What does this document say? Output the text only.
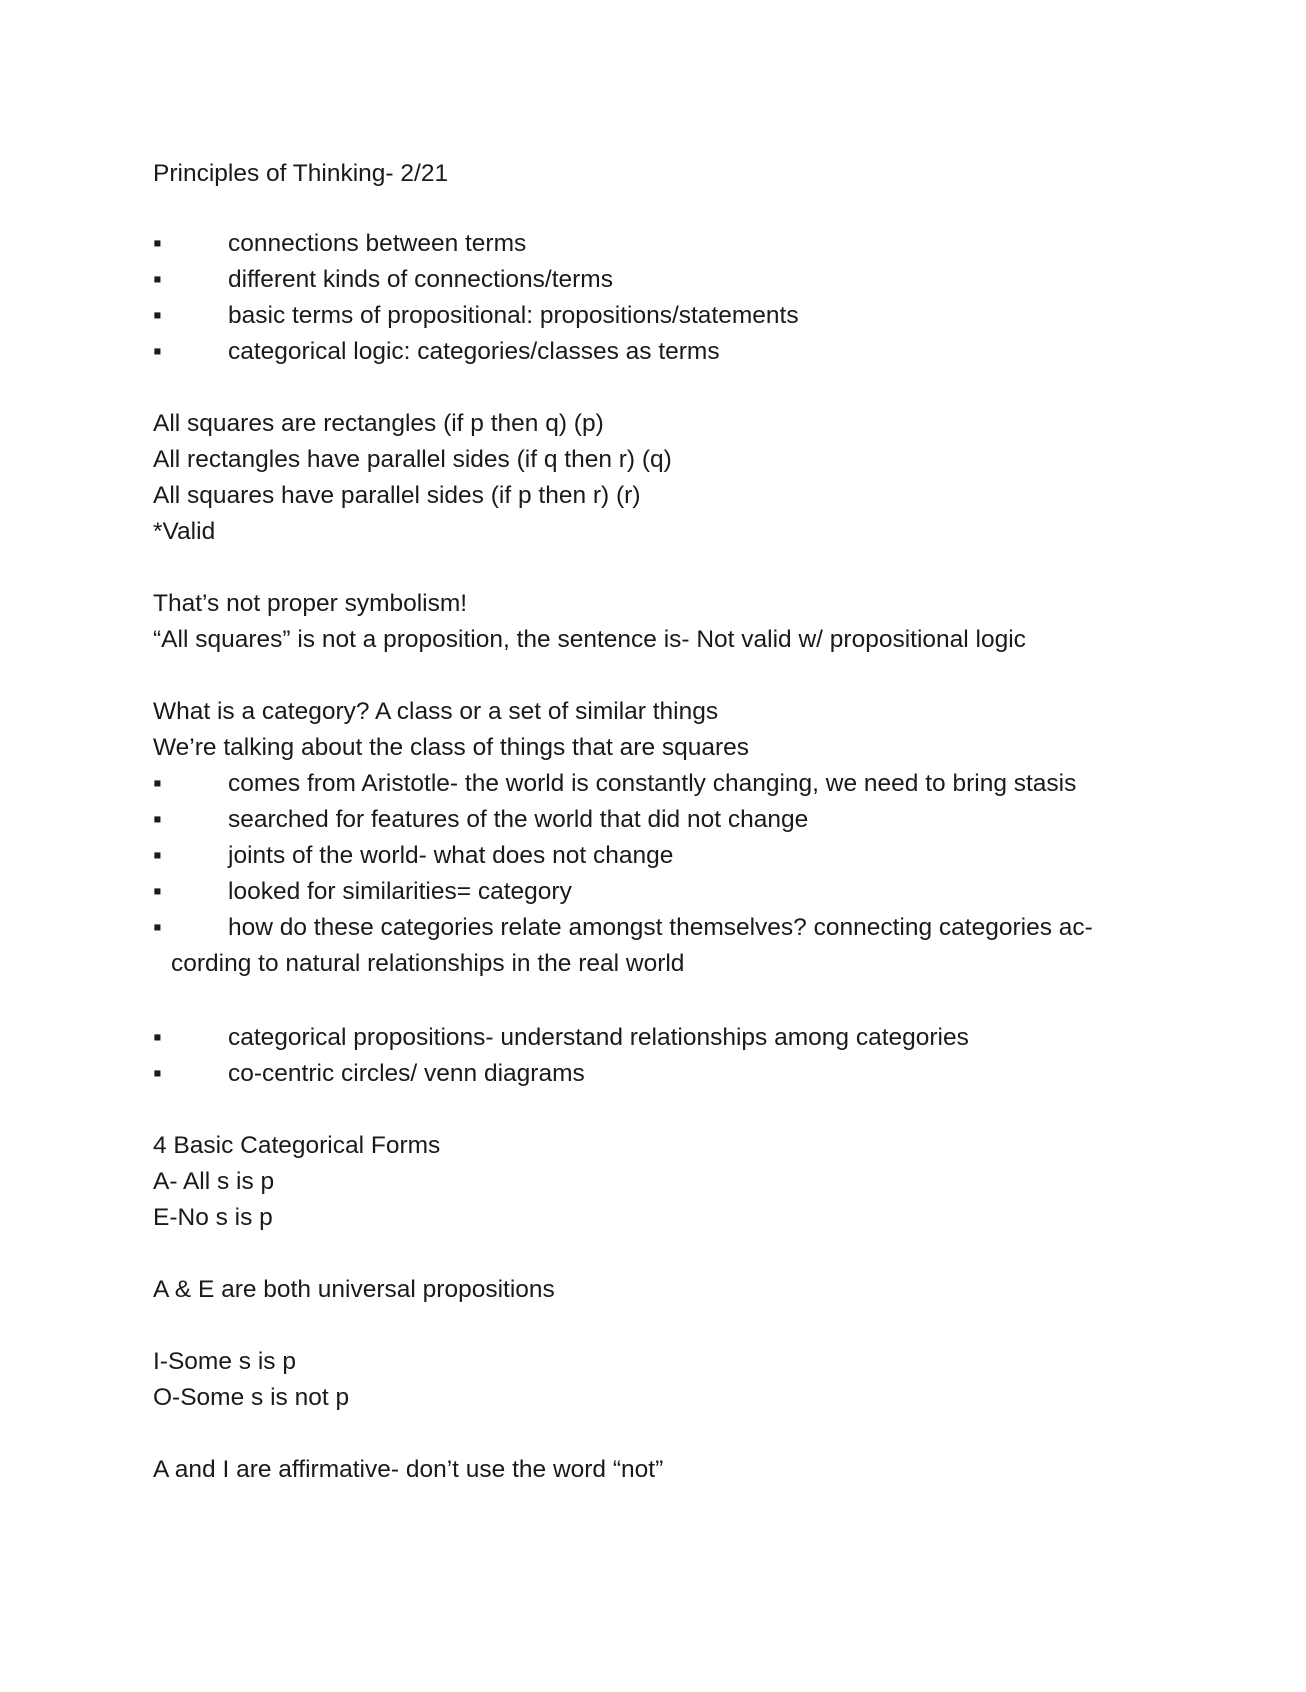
Principles of Thinking- 2/21

▪	connections between terms
▪	different kinds of connections/terms
▪	basic terms of propositional: propositions/statements
▪	categorical logic: categories/classes as terms

All squares are rectangles (if p then q) (p)

All rectangles have parallel sides (if q then r) (q)

All squares have parallel sides (if p then r) (r)

*Valid

That’s not proper symbolism!

“All squares” is not a proposition, the sentence is- Not valid w/ propositional logic

What is a category? A class or a set of similar things

We’re talking about the class of things that are squares

▪	comes from Aristotle- the world is constantly changing, we need to bring stasis
▪	searched for features of the world that did not change
▪	joints of the world- what does not change
▪	looked for similarities= category
▪	how do these categories relate amongst themselves? connecting categories ac-
cording to natural relationships in the real world
▪	categorical propositions- understand relationships among categories
▪	co-centric circles/ venn diagrams

4 Basic Categorical Forms

A- All s is p

E-No s is p

A & E are both universal propositions

I-Some s is p

O-Some s is not p

A and I are affirmative- don’t use the word “not”
